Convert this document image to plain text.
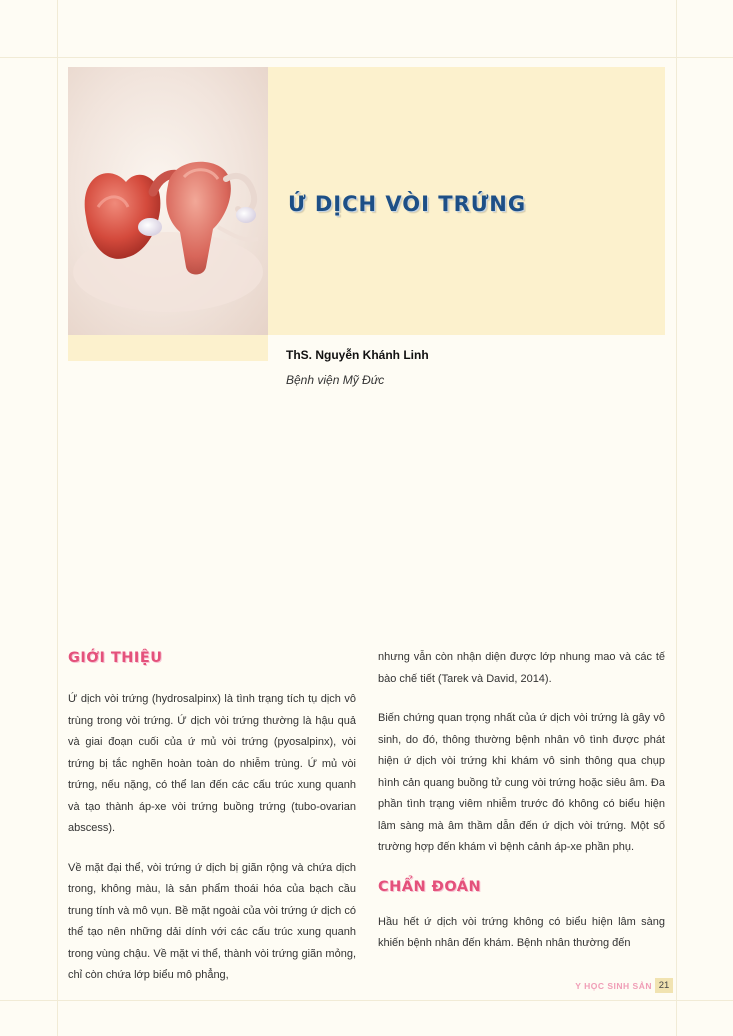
Ứ DỊCH VÒI TRỨNG
ThS. Nguyễn Khánh Linh
Bệnh viện Mỹ Đức
GIỚI THIỆU

Ứ dịch vòi trứng (hydrosalpinx) là tình trạng tích tụ dịch vô trùng trong vòi trứng. Ứ dịch vòi trứng thường là hậu quả và giai đoạn cuối của ứ mủ vòi trứng (pyosalpinx), vòi trứng bị tắc nghẽn hoàn toàn do nhiễm trùng. Ứ mủ vòi trứng, nếu nặng, có thể lan đến các cấu trúc xung quanh và tạo thành áp-xe vòi trứng buồng trứng (tubo-ovarian abscess).

Về mặt đại thể, vòi trứng ứ dịch bị giãn rộng và chứa dịch trong, không màu, là sản phẩm thoái hóa của bạch cầu trung tính và mô vụn. Bề mặt ngoài của vòi trứng ứ dịch có thể tạo nên những dải dính với các cấu trúc xung quanh trong vùng chậu. Về mặt vi thể, thành vòi trứng giãn mỏng, chỉ còn chứa lớp biểu mô phẳng,

nhưng vẫn còn nhận diện được lớp nhung mao và các tế bào chế tiết (Tarek và David, 2014).

Biến chứng quan trọng nhất của ứ dịch vòi trứng là gây vô sinh, do đó, thông thường bệnh nhân vô tình được phát hiện ứ dịch vòi trứng khi khám vô sinh thông qua chụp hình cản quang buồng tử cung vòi trứng hoặc siêu âm. Đa phần tình trạng viêm nhiễm trước đó không có biểu hiện lâm sàng mà âm thầm dẫn đến ứ dịch vòi trứng. Một số trường hợp đến khám vì bệnh cảnh áp-xe phần phụ.

CHẨN ĐOÁN

Hầu hết ứ dịch vòi trứng không có biểu hiện lâm sàng khiến bệnh nhân đến khám. Bệnh nhân thường đến

Y HỌC SINH SẢN 21
